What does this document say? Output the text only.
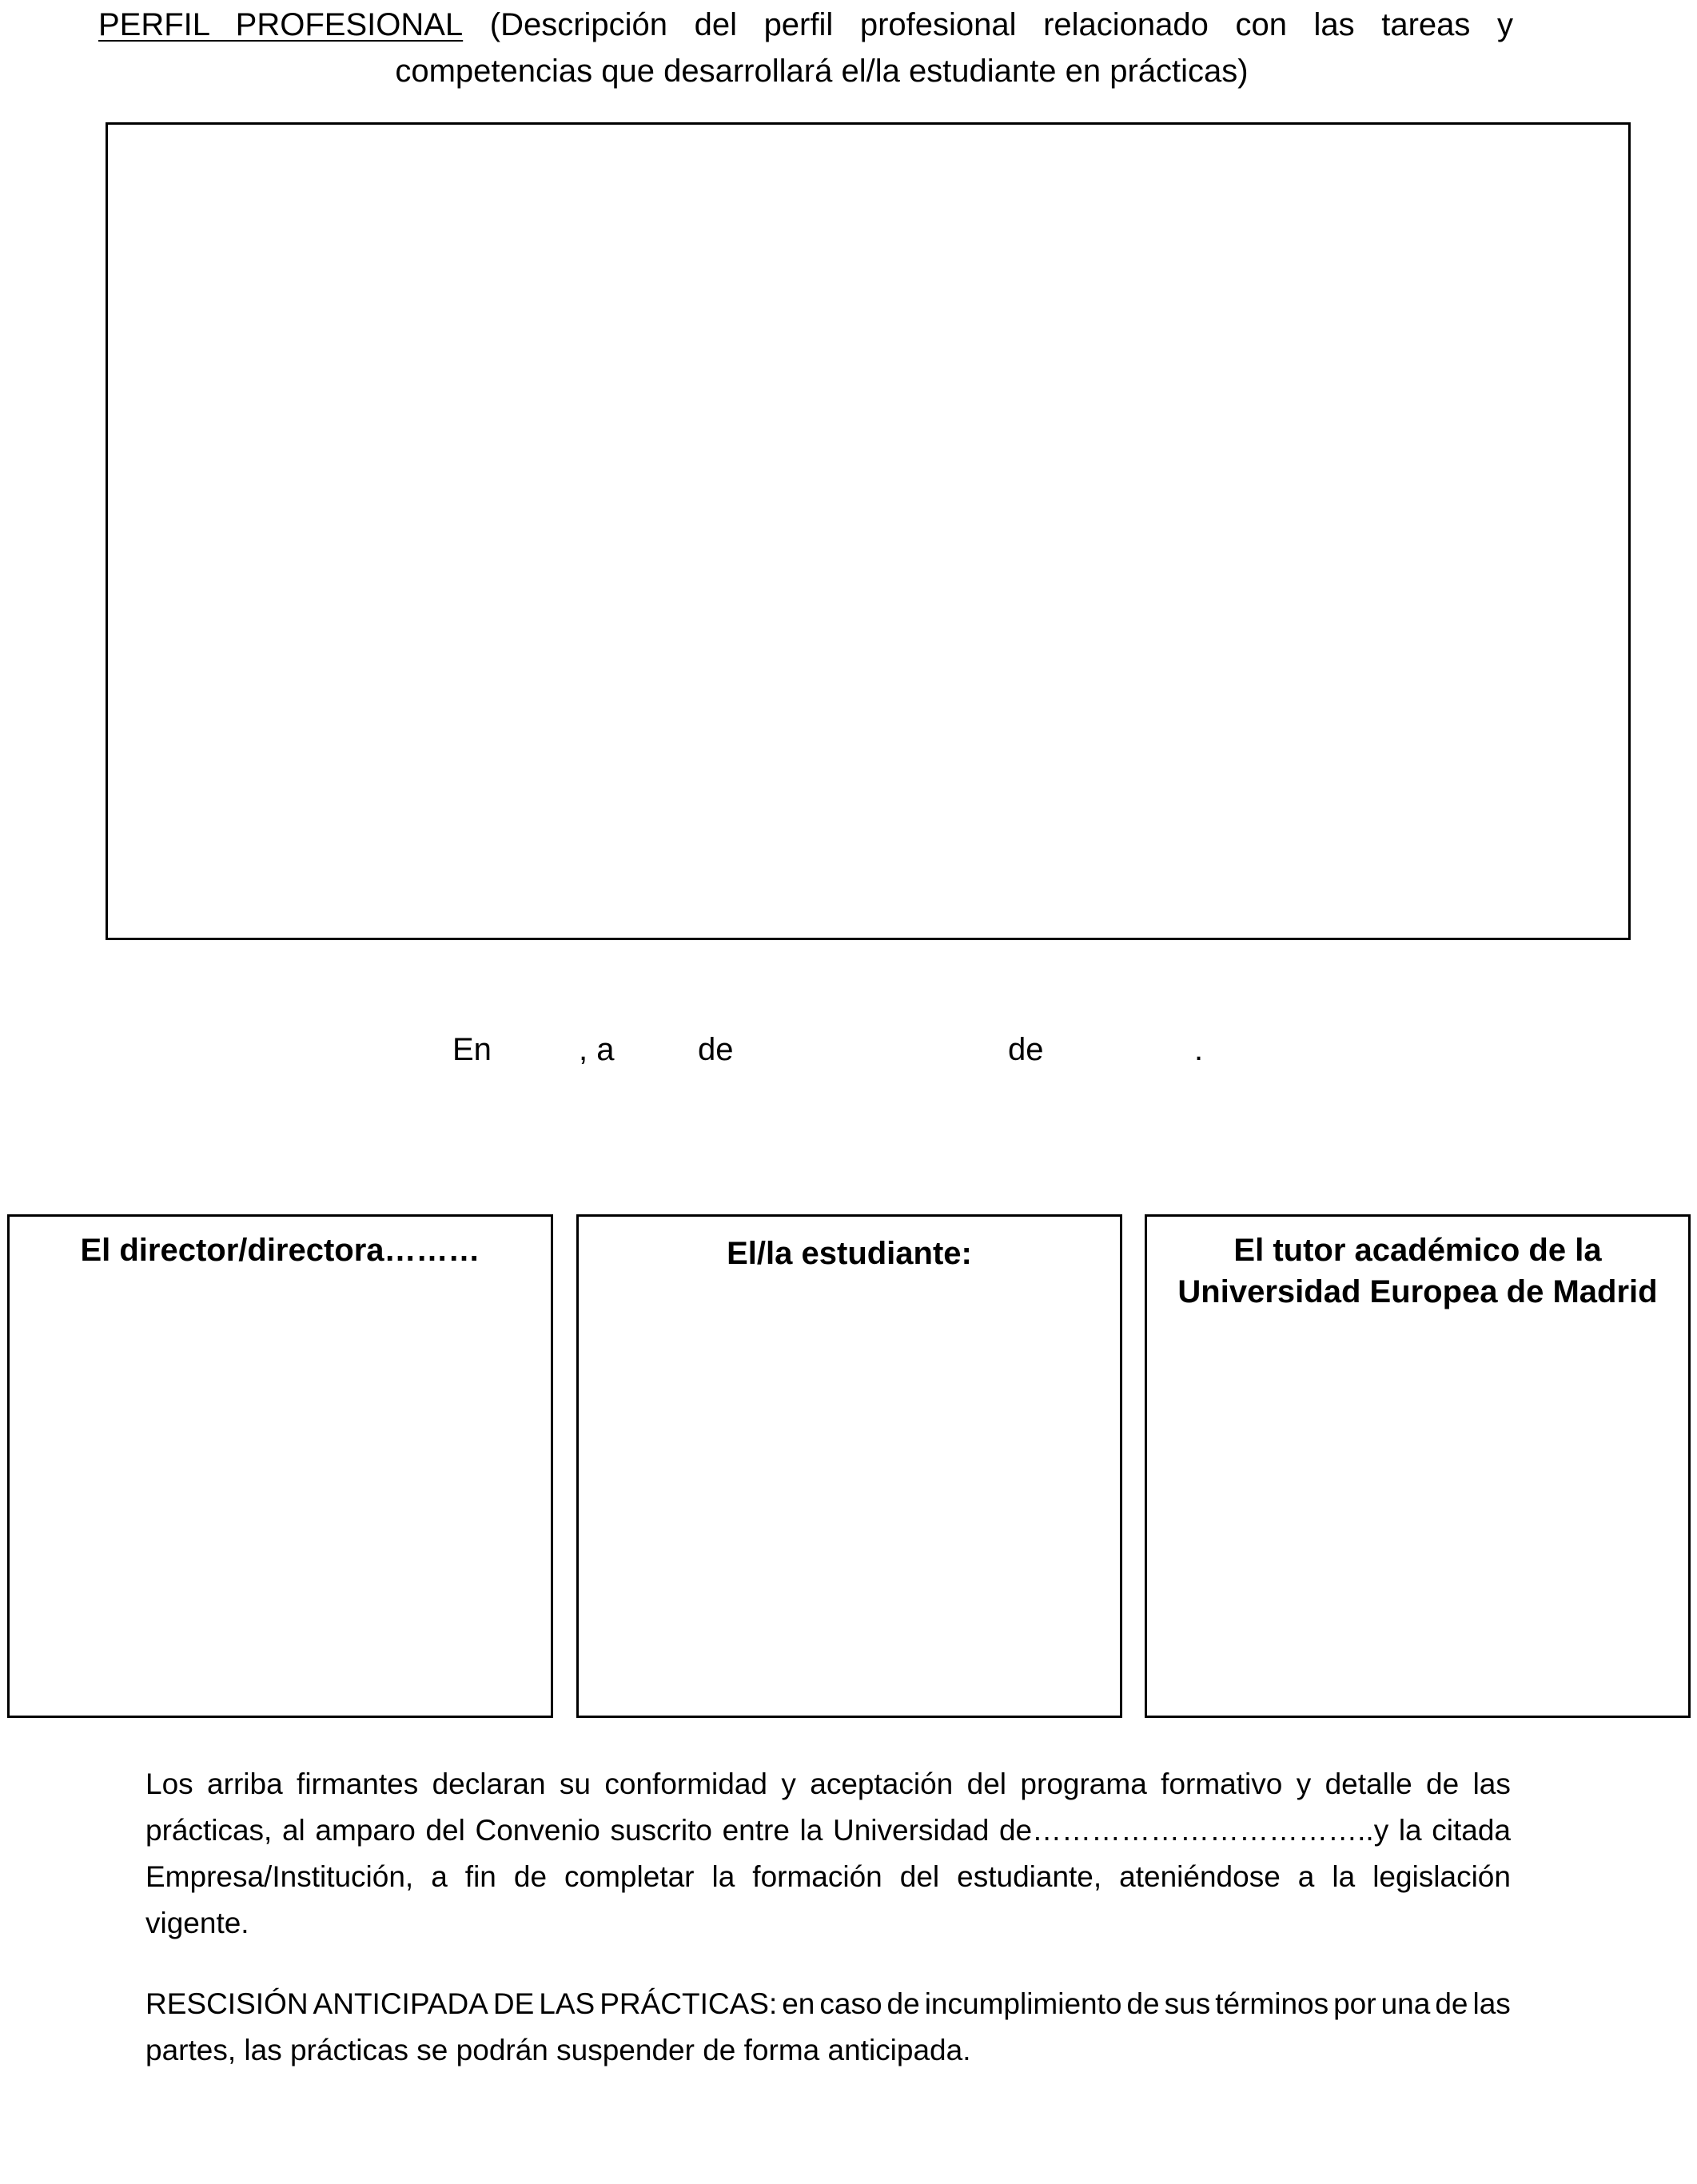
PERFIL PROFESIONAL (Descripción del perfil profesional relacionado con las tareas y
competencias que desarrollará el/la estudiante en prácticas)
En	, a	de	de	.
El director/directora………	El/la estudiante:	El tutor académico de la
Universidad Europea de Madrid
Los arriba firmantes declaran su conformidad y aceptación del programa formativo y detalle de las
prácticas, al amparo del Convenio suscrito entre la Universidad de……………………………..y la citada
Empresa/Institución, a fin de completar la formación del estudiante, ateniéndose a la legislación
vigente.
RESCISIÓN ANTICIPADA DE LAS PRÁCTICAS: en caso de incumplimiento de sus términos por una de las
partes, las prácticas se podrán suspender de forma anticipada.
